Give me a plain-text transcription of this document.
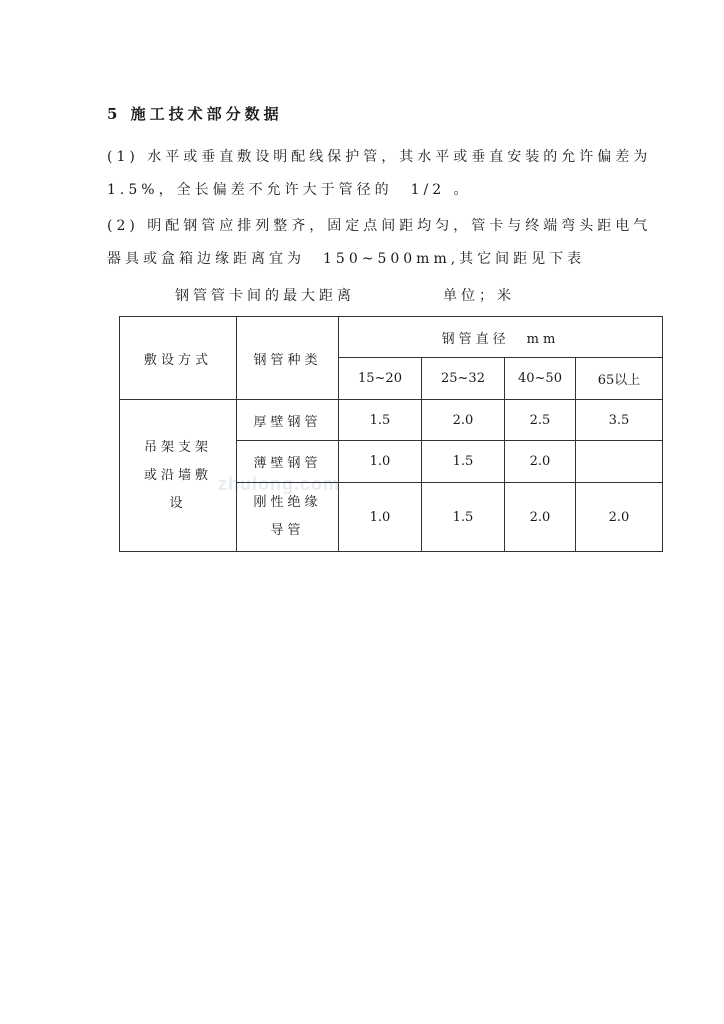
5 施工技术部分数据
(1) 水平或垂直敷设明配线保护管，其水平或垂直安装的允许偏差为　1.5%，全长偏差不允许大于管径的　1/2 。
(2) 明配钢管应排列整齐，固定点间距均匀，管卡与终端弯头距电气器具或盒箱边缘距离宜为　150~500mm,其它间距见下表
钢管管卡间的最大距离	单位；米
zhulong.com
敷设方式	钢管种类	钢管直径　mm			
		15~20	25~32	40~50	65以上

吊架支架
或沿墙敷
设	厚壁钢管	1.5	2.0	2.5	3.5
	薄壁钢管	1.0	1.5	2.0	

	刚性绝缘
导管	1.0	1.5	2.0	2.0
